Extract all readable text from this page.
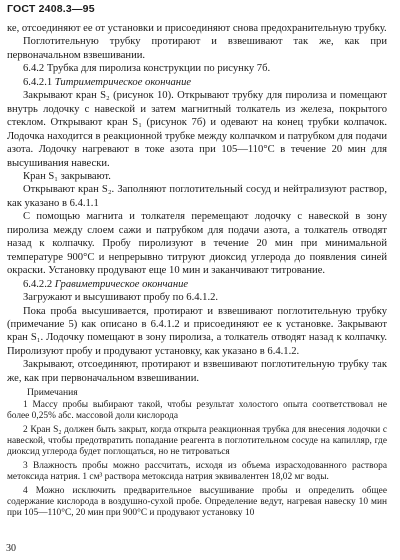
ГОСТ 2408.3—95

ке, отсоединяют ее от установки и присоединяют снова предохранительную трубку.

Поглотительную трубку протирают и взвешивают так же, как при первоначальном взвешивании.

6.4.2 Трубка для пиролиза конструкции по рисунку 7б.

6.4.2.1 Титриметрическое окончание

Закрывают кран S₂ (рисунок 10). Открывают трубку для пиролиза и помещают внутрь лодочку с навеской и затем магнитный толкатель из железа, покрытого стеклом. Открывают кран S₁ (рисунок 7б) и одевают на конец трубки колпачок. Лодочка находится в реакционной трубке между колпачком и патрубком для подачи азота. Лодочку нагревают в токе азота при 105—110°С в течение 20 мин для высушивания навески.

Кран S₁ закрывают.

Открывают кран S₂. Заполняют поглотительный сосуд и нейтрализуют раствор, как указано в 6.4.1.1

С помощью магнита и толкателя перемещают лодочку с навеской в зону пиролиза между слоем сажи и патрубком для подачи азота, а толкатель отводят назад к колпачку. Пробу пиролизуют в течение 20 мин при минимальной температуре 900°С и непрерывно титруют диоксид углерода до появления синей окраски. Установку продувают еще 10 мин и заканчивают титрование.

6.4.2.2 Гравиметрическое окончание

Загружают и высушивают пробу по 6.4.1.2.

Пока проба высушивается, протирают и взвешивают поглотительную трубку (примечание 5) как описано в 6.4.1.2 и присоединяют ее к установке. Закрывают кран S₁. Лодочку помещают в зону пиролиза, а толкатель отводят назад к колпачку. Пиролизуют пробу и продувают установку, как указано в 6.4.1.2.

Закрывают, отсоединяют, протирают и взвешивают поглотительную трубку так же, как при первоначальном взвешивании.

Примечания

1 Массу пробы выбирают такой, чтобы результат холостого опыта соответствовал не более 0,25% абс. массовой доли кислорода

2 Кран S₂ должен быть закрыт, когда открыта реакционная трубка для внесения лодочки с навеской, чтобы предотвратить попадание реагента в поглотительном сосуде на капилляр, где диоксид углерода будет поглощаться, но не титроваться

3 Влажность пробы можно рассчитать, исходя из объема израсходованного раствора метоксида натрия. 1 см³ раствора метоксида натрия эквивалентен 18,02 мг воды.

4 Можно исключить предварительное высушивание пробы и определить общее содержание кислорода в воздушно-сухой пробе. Определение ведут, нагревая навеску 10 мин при 105—110°С, 20 мин при 900°С и продувают установку 10

30
